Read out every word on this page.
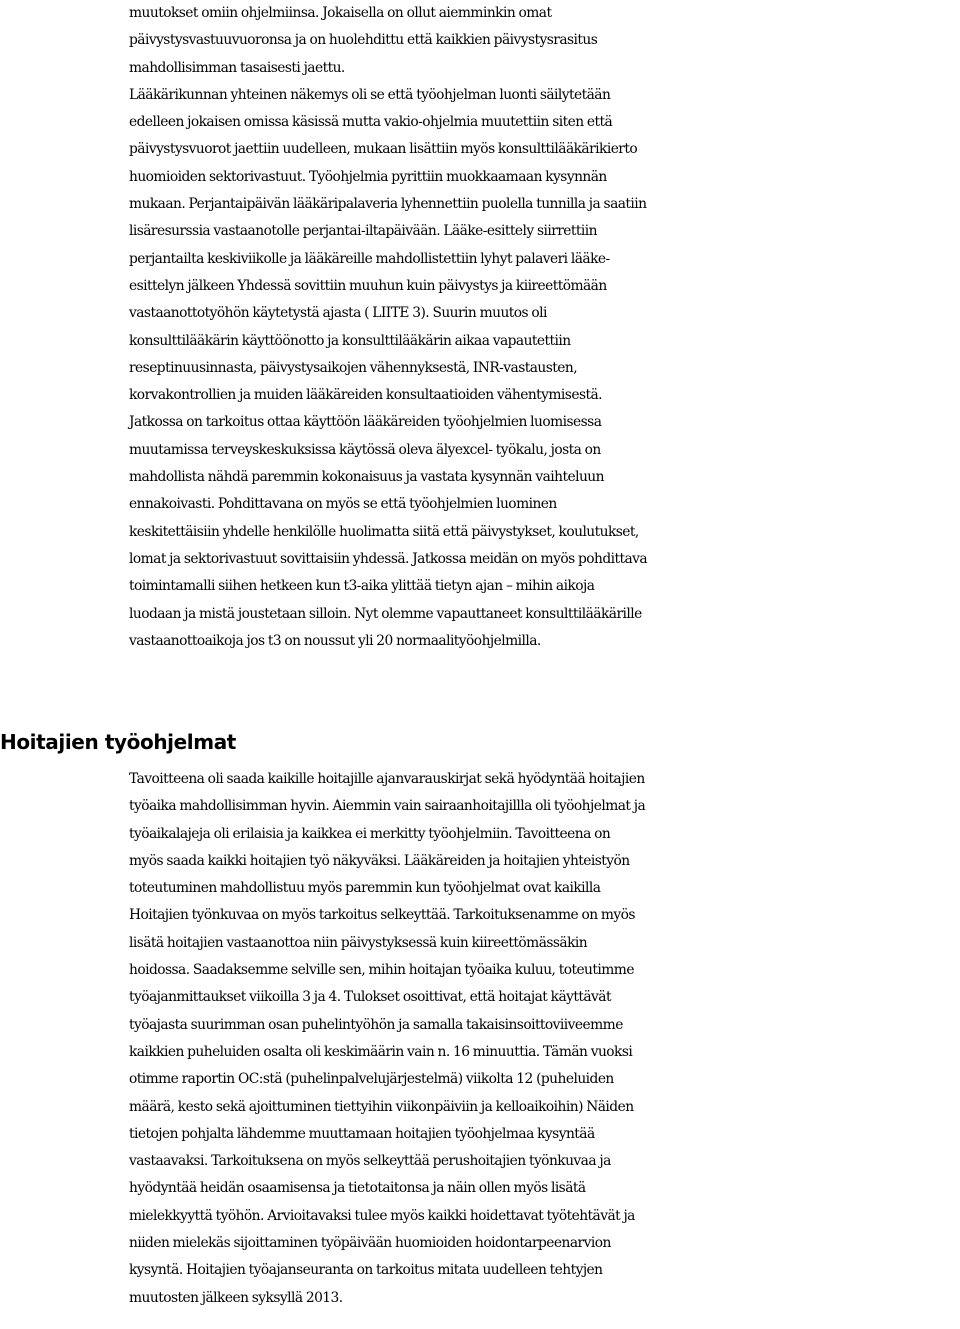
muutokset omiin ohjelmiinsa. Jokaisella on ollut aiemminkin omat
päivystysvastuuvuoronsa ja on huolehdittu että kaikkien päivystysrasitus
mahdollisimman tasaisesti jaettu.
Lääkärikunnan yhteinen näkemys oli se että työohjelman luonti säilytetään
edelleen jokaisen omissa käsissä mutta vakio-ohjelmia muutettiin siten että
päivystysvuorot jaettiin uudelleen, mukaan lisättiin myös konsulttilääkärikierto
huomioiden sektorivastuut. Työohjelmia pyrittiin muokkaamaan kysynnän
mukaan. Perjantaipäivän lääkäripalaveria lyhennettiin puolella tunnilla ja saatiin
lisäresurssia vastaanotolle perjantai-iltapäivään. Lääke-esittely siirrettiin
perjantailta keskiviikolle ja lääkäreille mahdollistettiin lyhyt palaveri lääke-
esittelyn jälkeen Yhdessä sovittiin muuhun kuin päivystys ja kiireettömään
vastaanottotyöhön käytetystä ajasta ( LIITE 3). Suurin muutos oli
konsulttilääkärin käyttöönotto ja konsulttilääkärin aikaa vapautettiin
reseptinuusinnasta, päivystysaikojen vähennyksestä, INR-vastausten,
korvakontrollien ja muiden lääkäreiden konsultaatioiden vähentymisestä.
Jatkossa on tarkoitus ottaa käyttöön lääkäreiden työohjelmien luomisessa
muutamissa terveyskeskuksissa käytössä oleva älyexcel- työkalu, josta on
mahdollista nähdä paremmin kokonaisuus ja vastata kysynnän vaihteluun
ennakoivasti. Pohdittavana on myös se että työohjelmien luominen
keskitettäisiin yhdelle henkilölle huolimatta siitä että päivystykset, koulutukset,
lomat ja sektorivastuut sovittaisiin yhdessä. Jatkossa meidän on myös pohdittava
toimintamalli siihen hetkeen kun t3-aika ylittää tietyn ajan – mihin aikoja
luodaan ja mistä joustetaan silloin. Nyt olemme vapauttaneet konsulttilääkärille
vastaanottoaikoja jos t3 on noussut yli 20 normaalityöohjelmilla.
Hoitajien työohjelmat
Tavoitteena oli saada kaikille hoitajille ajanvarauskirjat sekä hyödyntää hoitajien
työaika mahdollisimman hyvin. Aiemmin vain sairaanhoitajillla oli työohjelmat ja
työaikalajeja oli erilaisia ja kaikkea ei merkitty työohjelmiin. Tavoitteena on
myös saada kaikki hoitajien työ näkyväksi. Lääkäreiden ja hoitajien yhteistyön
toteutuminen mahdollistuu myös paremmin kun työohjelmat ovat kaikilla
Hoitajien työnkuvaa on myös tarkoitus selkeyttää. Tarkoituksenamme on myös
lisätä hoitajien vastaanottoa niin päivystyksessä kuin kiireettömässäkin
hoidossa. Saadaksemme selville sen, mihin hoitajan työaika kuluu, toteutimme
työajanmittaukset viikoilla 3 ja 4. Tulokset osoittivat, että hoitajat käyttävät
työajasta suurimman osan puhelintyöhön ja samalla takaisinsoittoviiveemme
kaikkien puheluiden osalta oli keskimäärin vain n. 16 minuuttia. Tämän vuoksi
otimme raportin OC:stä (puhelinpalvelujärjestelmä) viikolta 12 (puheluiden
määrä, kesto sekä ajoittuminen tiettyihin viikonpäiviin ja kelloaikoihin) Näiden
tietojen pohjalta lähdemme muuttamaan hoitajien työohjelmaa kysyntää
vastaavaksi. Tarkoituksena on myös selkeyttää perushoitajien työnkuvaa ja
hyödyntää heidän osaamisensa ja tietotaitonsa ja näin ollen myös lisätä
mielekkyyttä työhön. Arvioitavaksi tulee myös kaikki hoidettavat työtehtävät ja
niiden mielekäs sijoittaminen työpäivään huomioiden hoidontarpeenarvion
kysyntä. Hoitajien työajanseuranta on tarkoitus mitata uudelleen tehtyjen
muutosten jälkeen syksyllä 2013.
